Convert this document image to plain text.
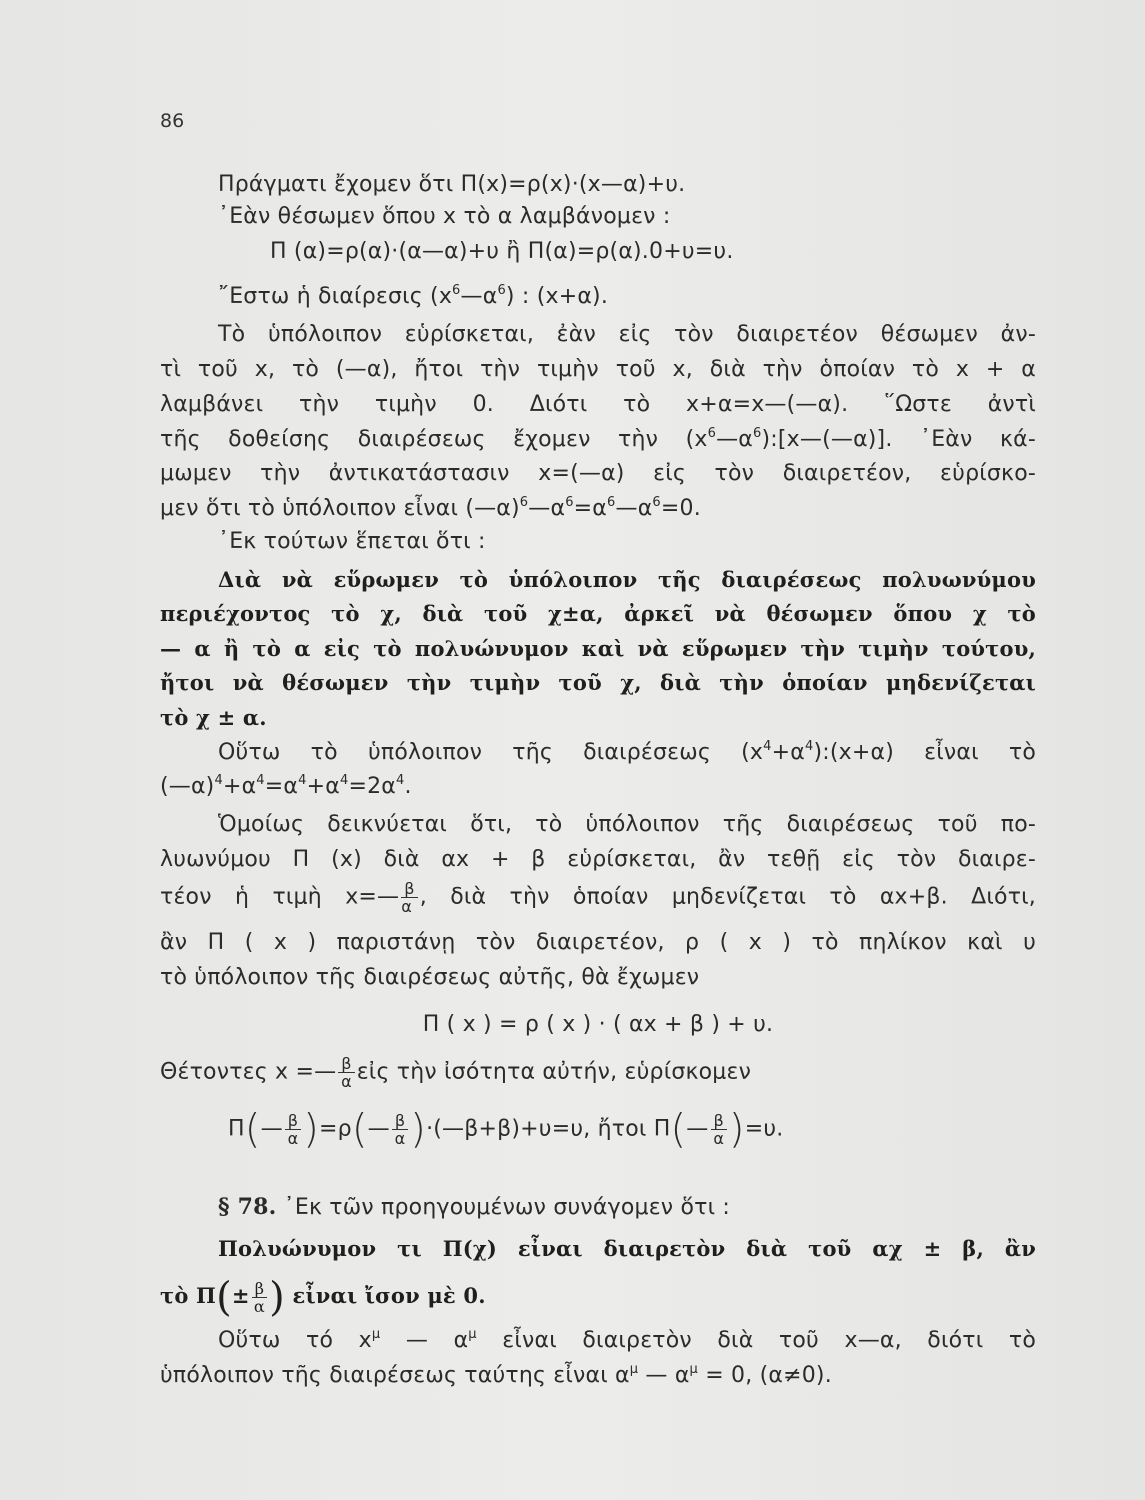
86
Πράγματι ἔχομεν ὅτι Π(x)=ρ(x)·(x—α)+υ.
᾿Εὰν θέσωμεν ὅπου x τὸ α λαμβάνομεν :
Π (α)=ρ(α)·(α—α)+υ ἢ Π(α)=ρ(α).0+υ=υ.
῎Εστω ἡ διαίρεσις $(x^6—\alpha^6)$ : (x+α).
Τὸ ὑπόλοιπον εὑρίσκεται, ἐὰν εἰς τὸν διαιρετέον θέσωμεν ἀν-
τὶ τοῦ x, τὸ (—α), ἤτοι τὴν τιμὴν τοῦ x, διὰ τὴν ὁποίαν τὸ x + α
λαμβάνει τὴν τιμὴν 0. Διότι τὸ x+α=x—(—α). ῞Ωστε ἀντὶ
τῆς δοθείσης διαιρέσεως ἔχομεν τὴν $(x^6—\alpha^6):[x—(—\alpha)]$. ᾿Εὰν κά-
μωμεν τὴν ἀντικατάστασιν x=(—α) εἰς τὸν διαιρετέον, εὑρίσκο-
μεν ὅτι τὸ ὑπόλοιπον εἶναι $(—\alpha)^6—\alpha^6=\alpha^6—\alpha^6=0$.
᾿Εκ τούτων ἕπεται ὅτι :
Διὰ νὰ εὕρωμεν τὸ ὑπόλοιπον τῆς διαιρέσεως πολυωνύμου
περιέχοντος τὸ χ, διὰ τοῦ χ±α, ἀρκεῖ νὰ θέσωμεν ὅπου χ τὸ
— α ἢ τὸ α εἰς τὸ πολυώνυμον καὶ νὰ εὕρωμεν τὴν τιμὴν τούτου,
ἤτοι νὰ θέσωμεν τὴν τιμὴν τοῦ χ, διὰ τὴν ὁποίαν μηδενίζεται
τὸ χ ± α.
Οὕτω τὸ ὑπόλοιπον τῆς διαιρέσεως $(x^4+\alpha^4):(x+\alpha)$ εἶναι τὸ
$(—\alpha)^4+\alpha^4=\alpha^4+\alpha^4=2\alpha^4$.
Ὁμοίως δεικνύεται ὅτι, τὸ ὑπόλοιπον τῆς διαιρέσεως τοῦ πο-
λυωνύμου Π (x) διὰ αx + β εὑρίσκεται, ἂν τεθῇ εἰς τὸν διαιρε-
τέον ἡ τιμὴ x=— $\frac{\beta}{\alpha}$ , διὰ τὴν ὁποίαν μηδενίζεται τὸ αx+β. Διότι,
ἂν Π ( x ) παριστάνῃ τὸν διαιρετέον, ρ ( x ) τὸ πηλίκον καὶ υ
τὸ ὑπόλοιπον τῆς διαιρέσεως αὐτῆς, θὰ ἔχωμεν
Π ( x ) = ρ ( x ) · ( αx + β ) + υ.
Θέτοντες x =— $\frac{\beta}{\alpha}$ εἰς τὴν ἰσότητα αὐτήν, εὑρίσκομεν
Π(— $\frac{\beta}{\alpha}$ )=ρ(— $\frac{\beta}{\alpha}$ )·(—β+β)+υ=υ, ἤτοι Π(— $\frac{\beta}{\alpha} )=\upsilon$.
§ 78. ᾿Εκ τῶν προηγουμένων συνάγομεν ὅτι :
Πολυώνυμον τι Π(χ) εἶναι διαιρετὸν διὰ τοῦ αχ ± β, ἂν
τὸ $\Pi(\pm \frac{\beta}{\alpha}$ ) εἶναι ἴσον μὲ 0.
Οὕτω τό $x^\mu$ — $\alpha^\mu$ εἶναι διαιρετὸν διὰ τοῦ x—α, διότι τὸ
ὑπόλοιπον τῆς διαιρέσεως ταύτης εἶναι $\alpha^\mu$ — $\alpha^\mu = 0$, (α≠0).
